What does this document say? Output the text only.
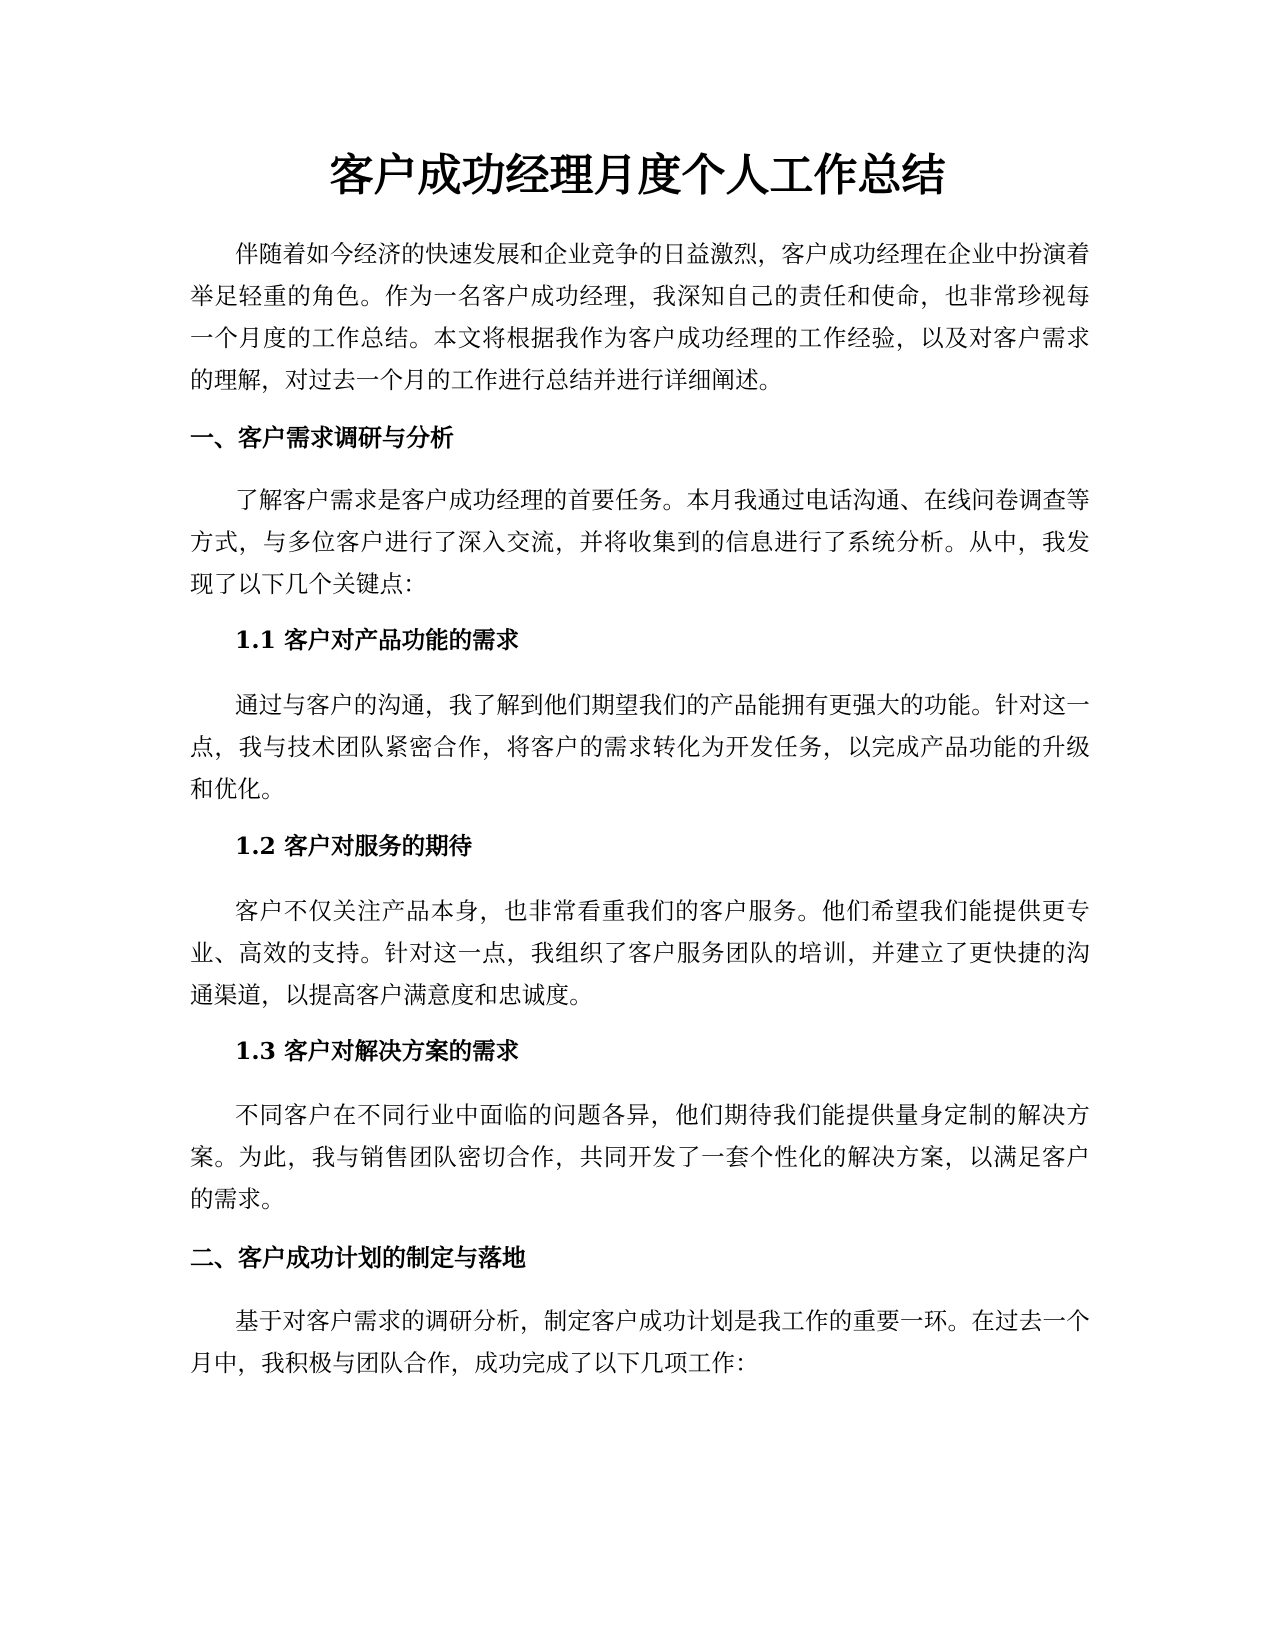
客户成功经理月度个人工作总结

伴随着如今经济的快速发展和企业竞争的日益激烈，客户成功经理在企业中扮演着举足轻重的角色。作为一名客户成功经理，我深知自己的责任和使命，也非常珍视每一个月度的工作总结。本文将根据我作为客户成功经理的工作经验，以及对客户需求的理解，对过去一个月的工作进行总结并进行详细阐述。

一、客户需求调研与分析

了解客户需求是客户成功经理的首要任务。本月我通过电话沟通、在线问卷调查等方式，与多位客户进行了深入交流，并将收集到的信息进行了系统分析。从中，我发现了以下几个关键点：

1.1 客户对产品功能的需求

通过与客户的沟通，我了解到他们期望我们的产品能拥有更强大的功能。针对这一点，我与技术团队紧密合作，将客户的需求转化为开发任务，以完成产品功能的升级和优化。

1.2 客户对服务的期待

客户不仅关注产品本身，也非常看重我们的客户服务。他们希望我们能提供更专业、高效的支持。针对这一点，我组织了客户服务团队的培训，并建立了更快捷的沟通渠道，以提高客户满意度和忠诚度。

1.3 客户对解决方案的需求

不同客户在不同行业中面临的问题各异，他们期待我们能提供量身定制的解决方案。为此，我与销售团队密切合作，共同开发了一套个性化的解决方案，以满足客户的需求。

二、客户成功计划的制定与落地

基于对客户需求的调研分析，制定客户成功计划是我工作的重要一环。在过去一个月中，我积极与团队合作，成功完成了以下几项工作：
